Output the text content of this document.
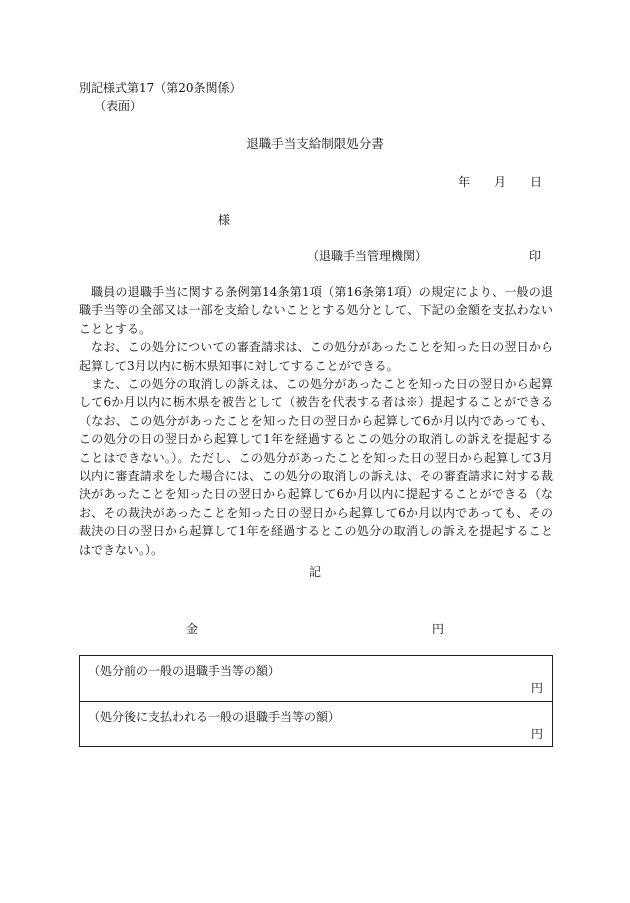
別記様式第17（第20条関係）
（表面）
退職手当支給制限処分書
年 月 日
様
（退職手当管理機関）	印

職員の退職手当に関する条例第14条第1項（第16条第1項）の規定により、一般の退職手当等の全部又は一部を支給しないこととする処分として、下記の金額を支払わないこととする。

なお、この処分についての審査請求は、この処分があったことを知った日の翌日から起算して3月以内に栃木県知事に対してすることができる。

また、この処分の取消しの訴えは、この処分があったことを知った日の翌日から起算して6か月以内に栃木県を被告として（被告を代表する者は※）提起することができる（なお、この処分があったことを知った日の翌日から起算して6か月以内であっても、この処分の日の翌日から起算して1年を経過するとこの処分の取消しの訴えを提起することはできない。）。ただし、この処分があったことを知った日の翌日から起算して3月以内に審査請求をした場合には、この処分の取消しの訴えは、その審査請求に対する裁決があったことを知った日の翌日から起算して6か月以内に提起することができる（なお、その裁決があったことを知った日の翌日から起算して6か月以内であっても、その裁決の日の翌日から起算して1年を経過するとこの処分の取消しの訴えを提起することはできない。）。

記
金	円
（処分前の一般の退職手当等の額）
円
（処分後に支払われる一般の退職手当等の額）
円
